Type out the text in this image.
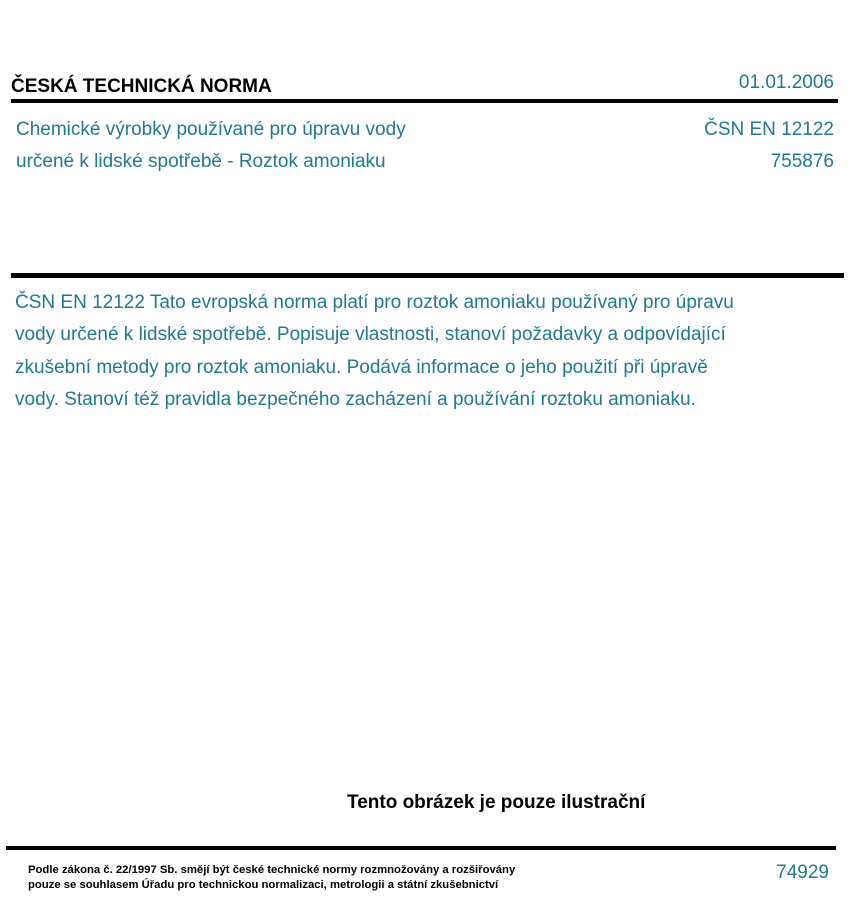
ČESKÁ TECHNICKÁ NORMA	01.01.2006
Chemické výrobky používané pro úpravu vody
určené k lidské spotřebě - Roztok amoniaku
ČSN EN 12122
755876
ČSN EN 12122 Tato evropská norma platí pro roztok amoniaku používaný pro úpravu vody určené k lidské spotřebě. Popisuje vlastnosti, stanoví požadavky a odpovídající zkušební metody pro roztok amoniaku. Podává informace o jeho použití při úpravě vody. Stanoví též pravidla bezpečného zacházení a používání roztoku amoniaku.
Tento obrázek je pouze ilustrační
Podle zákona č. 22/1997 Sb. smějí být české technické normy rozmnožovány a rozšiřovány
pouze se souhlasem Úřadu pro technickou normalizaci, metrologii a státní zkušebnictví
74929
